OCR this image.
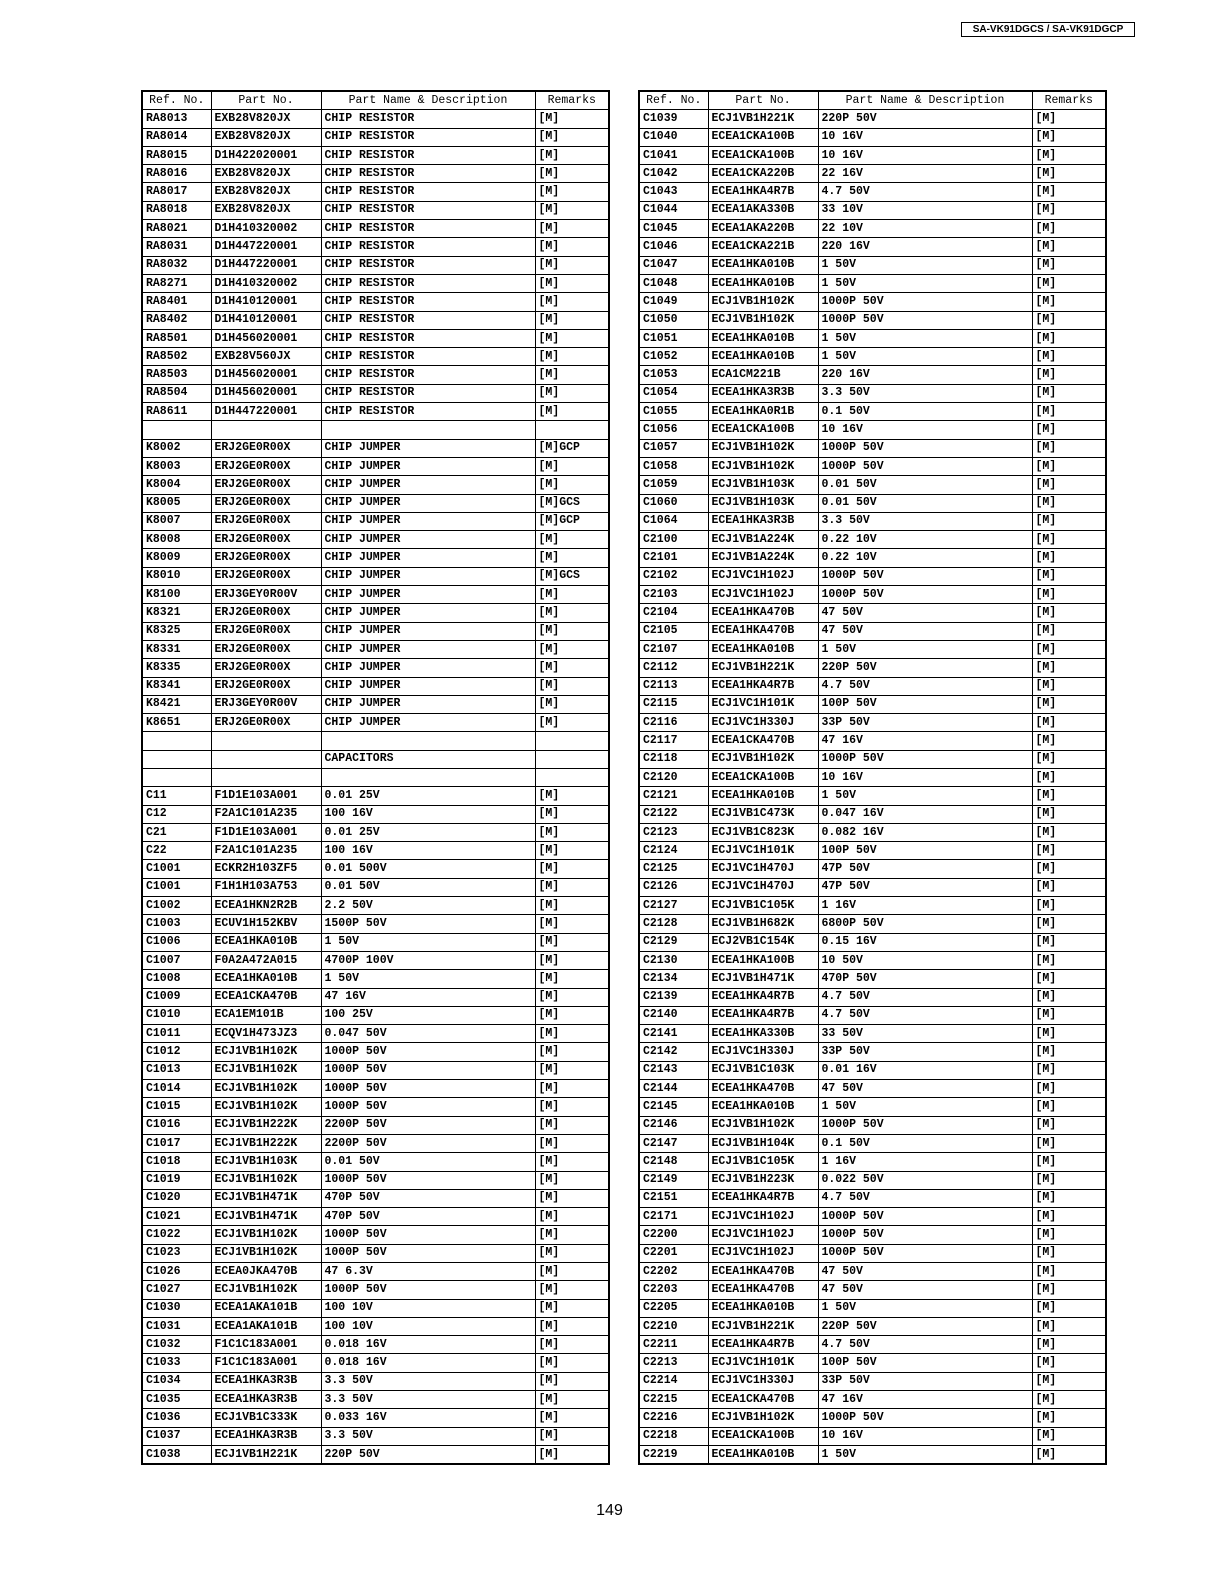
SA-VK91DGCS / SA-VK91DGCP
Ref. No.	Part No.	Part Name & Description	Remarks
RA8013	EXB28V820JX	CHIP RESISTOR	[M]
RA8014	EXB28V820JX	CHIP RESISTOR	[M]
RA8015	D1H422020001	CHIP RESISTOR	[M]
RA8016	EXB28V820JX	CHIP RESISTOR	[M]
RA8017	EXB28V820JX	CHIP RESISTOR	[M]
RA8018	EXB28V820JX	CHIP RESISTOR	[M]
RA8021	D1H410320002	CHIP RESISTOR	[M]
RA8031	D1H447220001	CHIP RESISTOR	[M]
RA8032	D1H447220001	CHIP RESISTOR	[M]
RA8271	D1H410320002	CHIP RESISTOR	[M]
RA8401	D1H410120001	CHIP RESISTOR	[M]
RA8402	D1H410120001	CHIP RESISTOR	[M]
RA8501	D1H456020001	CHIP RESISTOR	[M]
RA8502	EXB28V560JX	CHIP RESISTOR	[M]
RA8503	D1H456020001	CHIP RESISTOR	[M]
RA8504	D1H456020001	CHIP RESISTOR	[M]
RA8611	D1H447220001	CHIP RESISTOR	[M]

K8002	ERJ2GE0R00X	CHIP JUMPER	[M]GCP
K8003	ERJ2GE0R00X	CHIP JUMPER	[M]
K8004	ERJ2GE0R00X	CHIP JUMPER	[M]
K8005	ERJ2GE0R00X	CHIP JUMPER	[M]GCS
K8007	ERJ2GE0R00X	CHIP JUMPER	[M]GCP
K8008	ERJ2GE0R00X	CHIP JUMPER	[M]
K8009	ERJ2GE0R00X	CHIP JUMPER	[M]
K8010	ERJ2GE0R00X	CHIP JUMPER	[M]GCS
K8100	ERJ3GEY0R00V	CHIP JUMPER	[M]
K8321	ERJ2GE0R00X	CHIP JUMPER	[M]
K8325	ERJ2GE0R00X	CHIP JUMPER	[M]
K8331	ERJ2GE0R00X	CHIP JUMPER	[M]
K8335	ERJ2GE0R00X	CHIP JUMPER	[M]
K8341	ERJ2GE0R00X	CHIP JUMPER	[M]
K8421	ERJ3GEY0R00V	CHIP JUMPER	[M]
K8651	ERJ2GE0R00X	CHIP JUMPER	[M]

		CAPACITORS	

C11	F1D1E103A001	0.01 25V	[M]
C12	F2A1C101A235	100 16V	[M]
C21	F1D1E103A001	0.01 25V	[M]
C22	F2A1C101A235	100 16V	[M]
C1001	ECKR2H103ZF5	0.01 500V	[M]
C1001	F1H1H103A753	0.01 50V	[M]
C1002	ECEA1HKN2R2B	2.2 50V	[M]
C1003	ECUV1H152KBV	1500P 50V	[M]
C1006	ECEA1HKA010B	1 50V	[M]
C1007	F0A2A472A015	4700P 100V	[M]
C1008	ECEA1HKA010B	1 50V	[M]
C1009	ECEA1CKA470B	47 16V	[M]
C1010	ECA1EM101B	100 25V	[M]
C1011	ECQV1H473JZ3	0.047 50V	[M]
C1012	ECJ1VB1H102K	1000P 50V	[M]
C1013	ECJ1VB1H102K	1000P 50V	[M]
C1014	ECJ1VB1H102K	1000P 50V	[M]
C1015	ECJ1VB1H102K	1000P 50V	[M]
C1016	ECJ1VB1H222K	2200P 50V	[M]
C1017	ECJ1VB1H222K	2200P 50V	[M]
C1018	ECJ1VB1H103K	0.01 50V	[M]
C1019	ECJ1VB1H102K	1000P 50V	[M]
C1020	ECJ1VB1H471K	470P 50V	[M]
C1021	ECJ1VB1H471K	470P 50V	[M]
C1022	ECJ1VB1H102K	1000P 50V	[M]
C1023	ECJ1VB1H102K	1000P 50V	[M]
C1026	ECEA0JKA470B	47 6.3V	[M]
C1027	ECJ1VB1H102K	1000P 50V	[M]
C1030	ECEA1AKA101B	100 10V	[M]
C1031	ECEA1AKA101B	100 10V	[M]
C1032	F1C1C183A001	0.018 16V	[M]
C1033	F1C1C183A001	0.018 16V	[M]
C1034	ECEA1HKA3R3B	3.3 50V	[M]
C1035	ECEA1HKA3R3B	3.3 50V	[M]
C1036	ECJ1VB1C333K	0.033 16V	[M]
C1037	ECEA1HKA3R3B	3.3 50V	[M]
C1038	ECJ1VB1H221K	220P 50V	[M]
Ref. No.	Part No.	Part Name & Description	Remarks
C1039	ECJ1VB1H221K	220P 50V	[M]
C1040	ECEA1CKA100B	10 16V	[M]
C1041	ECEA1CKA100B	10 16V	[M]
C1042	ECEA1CKA220B	22 16V	[M]
C1043	ECEA1HKA4R7B	4.7 50V	[M]
C1044	ECEA1AKA330B	33 10V	[M]
C1045	ECEA1AKA220B	22 10V	[M]
C1046	ECEA1CKA221B	220 16V	[M]
C1047	ECEA1HKA010B	1 50V	[M]
C1048	ECEA1HKA010B	1 50V	[M]
C1049	ECJ1VB1H102K	1000P 50V	[M]
C1050	ECJ1VB1H102K	1000P 50V	[M]
C1051	ECEA1HKA010B	1 50V	[M]
C1052	ECEA1HKA010B	1 50V	[M]
C1053	ECA1CM221B	220 16V	[M]
C1054	ECEA1HKA3R3B	3.3 50V	[M]
C1055	ECEA1HKA0R1B	0.1 50V	[M]
C1056	ECEA1CKA100B	10 16V	[M]
C1057	ECJ1VB1H102K	1000P 50V	[M]
C1058	ECJ1VB1H102K	1000P 50V	[M]
C1059	ECJ1VB1H103K	0.01 50V	[M]
C1060	ECJ1VB1H103K	0.01 50V	[M]
C1064	ECEA1HKA3R3B	3.3 50V	[M]
C2100	ECJ1VB1A224K	0.22 10V	[M]
C2101	ECJ1VB1A224K	0.22 10V	[M]
C2102	ECJ1VC1H102J	1000P 50V	[M]
C2103	ECJ1VC1H102J	1000P 50V	[M]
C2104	ECEA1HKA470B	47 50V	[M]
C2105	ECEA1HKA470B	47 50V	[M]
C2107	ECEA1HKA010B	1 50V	[M]
C2112	ECJ1VB1H221K	220P 50V	[M]
C2113	ECEA1HKA4R7B	4.7 50V	[M]
C2115	ECJ1VC1H101K	100P 50V	[M]
C2116	ECJ1VC1H330J	33P 50V	[M]
C2117	ECEA1CKA470B	47 16V	[M]
C2118	ECJ1VB1H102K	1000P 50V	[M]
C2120	ECEA1CKA100B	10 16V	[M]
C2121	ECEA1HKA010B	1 50V	[M]
C2122	ECJ1VB1C473K	0.047 16V	[M]
C2123	ECJ1VB1C823K	0.082 16V	[M]
C2124	ECJ1VC1H101K	100P 50V	[M]
C2125	ECJ1VC1H470J	47P 50V	[M]
C2126	ECJ1VC1H470J	47P 50V	[M]
C2127	ECJ1VB1C105K	1 16V	[M]
C2128	ECJ1VB1H682K	6800P 50V	[M]
C2129	ECJ2VB1C154K	0.15 16V	[M]
C2130	ECEA1HKA100B	10 50V	[M]
C2134	ECJ1VB1H471K	470P 50V	[M]
C2139	ECEA1HKA4R7B	4.7 50V	[M]
C2140	ECEA1HKA4R7B	4.7 50V	[M]
C2141	ECEA1HKA330B	33 50V	[M]
C2142	ECJ1VC1H330J	33P 50V	[M]
C2143	ECJ1VB1C103K	0.01 16V	[M]
C2144	ECEA1HKA470B	47 50V	[M]
C2145	ECEA1HKA010B	1 50V	[M]
C2146	ECJ1VB1H102K	1000P 50V	[M]
C2147	ECJ1VB1H104K	0.1 50V	[M]
C2148	ECJ1VB1C105K	1 16V	[M]
C2149	ECJ1VB1H223K	0.022 50V	[M]
C2151	ECEA1HKA4R7B	4.7 50V	[M]
C2171	ECJ1VC1H102J	1000P 50V	[M]
C2200	ECJ1VC1H102J	1000P 50V	[M]
C2201	ECJ1VC1H102J	1000P 50V	[M]
C2202	ECEA1HKA470B	47 50V	[M]
C2203	ECEA1HKA470B	47 50V	[M]
C2205	ECEA1HKA010B	1 50V	[M]
C2210	ECJ1VB1H221K	220P 50V	[M]
C2211	ECEA1HKA4R7B	4.7 50V	[M]
C2213	ECJ1VC1H101K	100P 50V	[M]
C2214	ECJ1VC1H330J	33P 50V	[M]
C2215	ECEA1CKA470B	47 16V	[M]
C2216	ECJ1VB1H102K	1000P 50V	[M]
C2218	ECEA1CKA100B	10 16V	[M]
C2219	ECEA1HKA010B	1 50V	[M]
149
